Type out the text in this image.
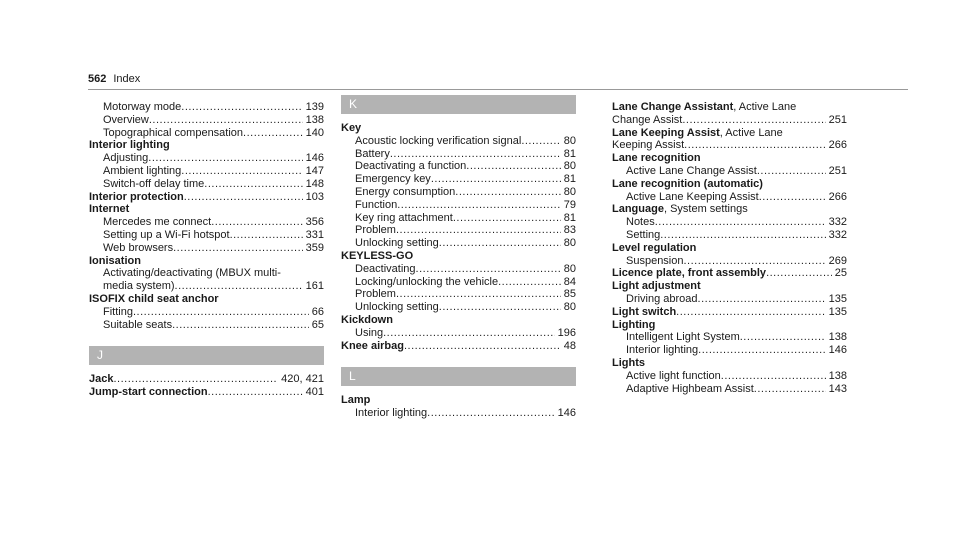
562 Index
Motorway mode .....	139
Overview .....	138
Topographical compensation .....	140
Interior lighting
Adjusting .....	146
Ambient lighting .....	147
Switch-off delay time .....	148
Interior protection .....	103
Internet
Mercedes me connect .....	356
Setting up a Wi-Fi hotspot .....	331
Web browsers .....	359
Ionisation
Activating/deactivating (MBUX multi-
media system) .....	161
ISOFIX child seat anchor
Fitting .....	66
Suitable seats .....	65
J
Jack .....	420, 421
Jump-start connection .....	401
K
Key
Acoustic locking verification signal .....	80
Battery .....	81
Deactivating a function .....	80
Emergency key .....	81
Energy consumption .....	80
Function .....	79
Key ring attachment .....	81
Problem .....	83
Unlocking setting .....	80
KEYLESS-GO
Deactivating .....	80
Locking/unlocking the vehicle .....	84
Problem .....	85
Unlocking setting .....	80
Kickdown
Using .....	196
Knee airbag .....	48
L
Lamp
Interior lighting .....	146
Lane Change Assistant , Active Lane
Change Assist .....	251
Lane Keeping Assist , Active Lane
Keeping Assist .....	266
Lane recognition
Active Lane Change Assist .....	251
Lane recognition (automatic)
Active Lane Keeping Assist .....	266
Language , System settings
Notes .....	332
Setting .....	332
Level regulation
Suspension .....	269
Licence plate, front assembly .....	25
Light adjustment
Driving abroad .....	135
Light switch .....	135
Lighting
Intelligent Light System .....	138
Interior lighting .....	146
Lights
Active light function .....	138
Adaptive Highbeam Assist .....	143
